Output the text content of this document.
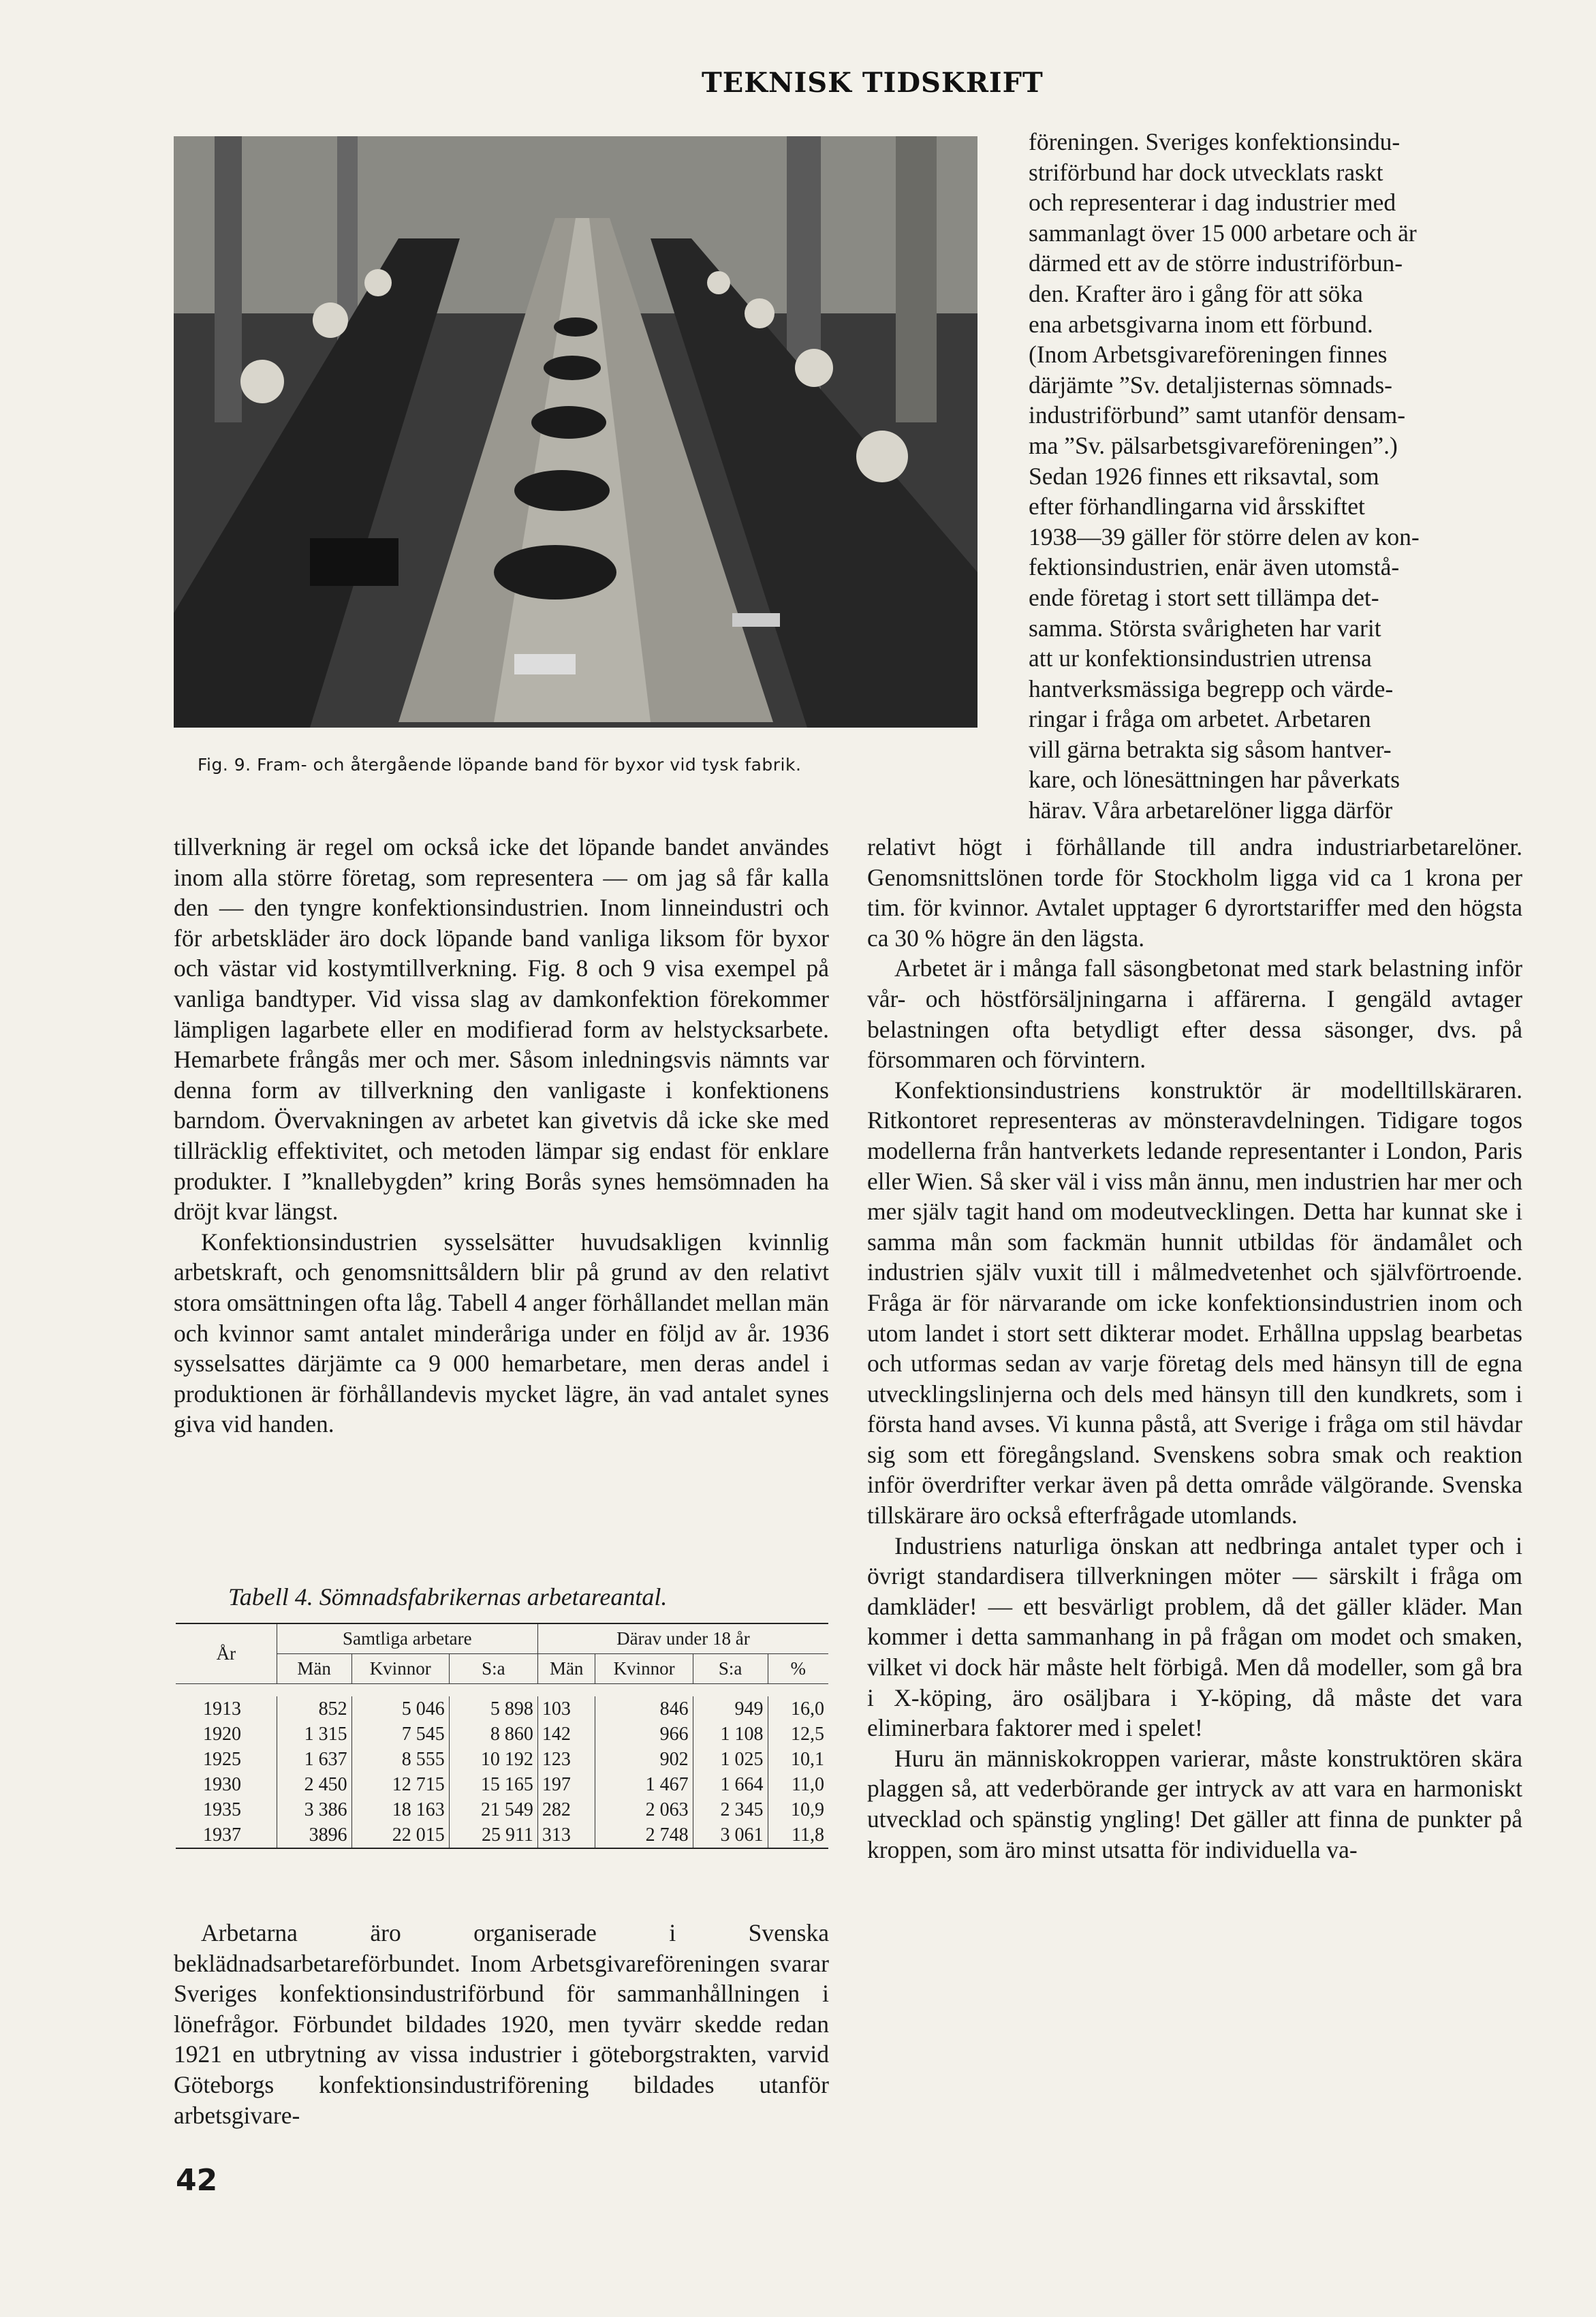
TEKNISK TIDSKRIFT
Fig. 9. Fram- och återgående löpande band för byxor vid tysk fabrik.
föreningen. Sveriges konfektionsindu-
striförbund har dock utvecklats raskt
och representerar i dag industrier med
sammanlagt över 15 000 arbetare och är
därmed ett av de större industriförbun-
den. Krafter äro i gång för att söka
ena arbetsgivarna inom ett förbund.
(Inom Arbetsgivareföreningen finnes
därjämte ”Sv. detaljisternas sömnads-
industriförbund” samt utanför densam-
ma ”Sv. pälsarbetsgivareföreningen”.)
Sedan 1926 finnes ett riksavtal, som
efter förhandlingarna vid årsskiftet
1938—39 gäller för större delen av kon-
fektionsindustrien, enär även utomstå-
ende företag i stort sett tillämpa det-
samma. Största svårigheten har varit
att ur konfektionsindustrien utrensa
hantverksmässiga begrepp och värde-
ringar i fråga om arbetet. Arbetaren
vill gärna betrakta sig såsom hantver-
kare, och lönesättningen har påverkats
härav. Våra arbetarelöner ligga därför

tillverkning är regel om också icke det löpande bandet användes inom alla större företag, som representera — om jag så får kalla den — den tyngre konfektionsindustrien. Inom linneindustri och för arbetskläder äro dock löpande band vanliga liksom för byxor och västar vid kostymtillverkning. Fig. 8 och 9 visa exempel på vanliga bandtyper. Vid vissa slag av damkonfektion förekommer lämpligen lagarbete eller en modifierad form av helstycksarbete. Hemarbete frångås mer och mer. Såsom inledningsvis nämnts var denna form av tillverkning den vanligaste i konfektionens barndom. Övervakningen av arbetet kan givetvis då icke ske med tillräcklig effektivitet, och metoden lämpar sig endast för enklare produkter. I ”knallebygden” kring Borås synes hemsömnaden ha dröjt kvar längst.

Konfektionsindustrien sysselsätter huvudsakligen kvinnlig arbetskraft, och genomsnittsåldern blir på grund av den relativt stora omsättningen ofta låg. Tabell 4 anger förhållandet mellan män och kvinnor samt antalet minderåriga under en följd av år. 1936 sysselsattes därjämte ca 9 000 hemarbetare, men deras andel i produktionen är förhållandevis mycket lägre, än vad antalet synes giva vid handen.

Tabell 4. Sömnadsfabrikernas arbetareantal.
År	Samtliga arbetare			Därav under 18 år			
	Män	Kvinnor	S:a	Män	Kvinnor	S:a	%

1913	852	5 046	5 898	103	846	949	16,0
1920	1 315	7 545	8 860	142	966	1 108	12,5
1925	1 637	8 555	10 192	123	902	1 025	10,1
1930	2 450	12 715	15 165	197	1 467	1 664	11,0
1935	3 386	18 163	21 549	282	2 063	2 345	10,9
1937	3896	22 015	25 911	313	2 748	3 061	11,8

Arbetarna äro organiserade i Svenska beklädnadsarbetareförbundet. Inom Arbetsgivareföreningen svarar Sveriges konfektionsindustriförbund för sammanhållningen i lönefrågor. Förbundet bildades 1920, men tyvärr skedde redan 1921 en utbrytning av vissa industrier i göteborgstrakten, varvid Göteborgs konfektionsindustriförening bildades utanför arbetsgivare-

relativt högt i förhållande till andra industriarbetarelöner. Genomsnittslönen torde för Stockholm ligga vid ca 1 krona per tim. för kvinnor. Avtalet upptager 6 dyrortstariffer med den högsta ca 30 % högre än den lägsta.

Arbetet är i många fall säsongbetonat med stark belastning inför vår- och höstförsäljningarna i affärerna. I gengäld avtager belastningen ofta betydligt efter dessa säsonger, dvs. på försommaren och förvintern.

Konfektionsindustriens konstruktör är modelltillskäraren. Ritkontoret representeras av mönsteravdelningen. Tidigare togos modellerna från hantverkets ledande representanter i London, Paris eller Wien. Så sker väl i viss mån ännu, men industrien har mer och mer själv tagit hand om modeutvecklingen. Detta har kunnat ske i samma mån som fackmän hunnit utbildas för ändamålet och industrien själv vuxit till i målmedvetenhet och självförtroende. Fråga är för närvarande om icke konfektionsindustrien inom och utom landet i stort sett dikterar modet. Erhållna uppslag bearbetas och utformas sedan av varje företag dels med hänsyn till de egna utvecklingslinjerna och dels med hänsyn till den kundkrets, som i första hand avses. Vi kunna påstå, att Sverige i fråga om stil hävdar sig som ett föregångsland. Svenskens sobra smak och reaktion inför överdrifter verkar även på detta område välgörande. Svenska tillskärare äro också efterfrågade utomlands.

Industriens naturliga önskan att nedbringa antalet typer och i övrigt standardisera tillverkningen möter — särskilt i fråga om damkläder! — ett besvärligt problem, då det gäller kläder. Man kommer i detta sammanhang in på frågan om modet och smaken, vilket vi dock här måste helt förbigå. Men då modeller, som gå bra i X-köping, äro osäljbara i Y-köping, då måste det vara eliminerbara faktorer med i spelet!

Huru än människokroppen varierar, måste konstruktören skära plaggen så, att vederbörande ger intryck av att vara en harmoniskt utvecklad och spänstig yngling! Det gäller att finna de punkter på kroppen, som äro minst utsatta för individuella va-

42
